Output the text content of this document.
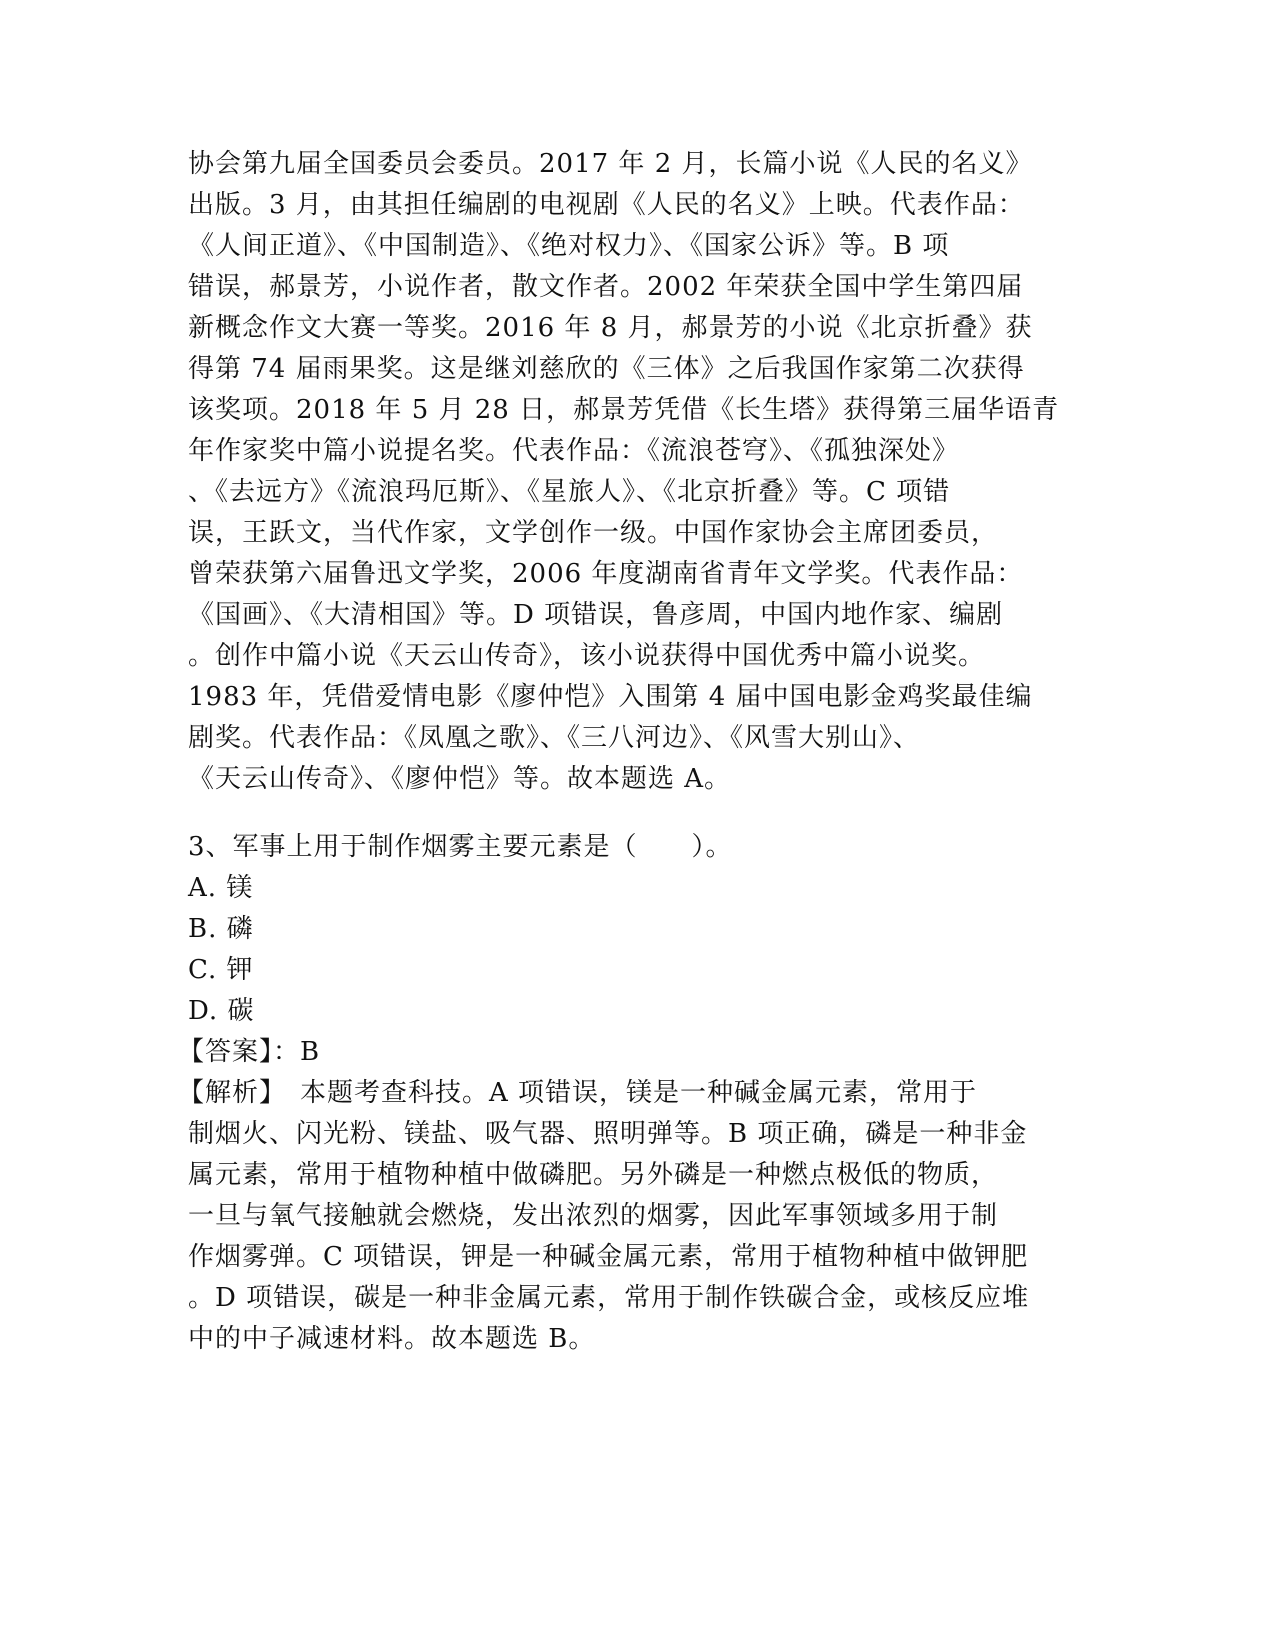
协会第九届全国委员会委员。2017 年 2 月，长篇小说《人民的名义》
出版。3 月，由其担任编剧的电视剧《人民的名义》上映。代表作品：
《人间正道》、《中国制造》、《绝对权力》、《国家公诉》等。B 项
错误，郝景芳，小说作者，散文作者。2002 年荣获全国中学生第四届
新概念作文大赛一等奖。2016 年 8 月，郝景芳的小说《北京折叠》获
得第 74 届雨果奖。这是继刘慈欣的《三体》之后我国作家第二次获得
该奖项。2018 年 5 月 28 日，郝景芳凭借《长生塔》获得第三届华语青
年作家奖中篇小说提名奖。代表作品：《流浪苍穹》、《孤独深处》
、《去远方》《流浪玛厄斯》、《星旅人》、《北京折叠》等。C 项错
误，王跃文，当代作家，文学创作一级。中国作家协会主席团委员，
曾荣获第六届鲁迅文学奖，2006 年度湖南省青年文学奖。代表作品：
《国画》、《大清相国》等。D 项错误，鲁彦周，中国内地作家、编剧
。创作中篇小说《天云山传奇》，该小说获得中国优秀中篇小说奖。
1983 年，凭借爱情电影《廖仲恺》入围第 4 届中国电影金鸡奖最佳编
剧奖。代表作品：《凤凰之歌》、《三八河边》、《风雪大别山》、
《天云山传奇》、《廖仲恺》等。故本题选 A。
3、军事上用于制作烟雾主要元素是（　　）。
A. 镁
B. 磷
C. 钾
D. 碳
【答案】：B
【解析】　本题考查科技。A 项错误，镁是一种碱金属元素，常用于
制烟火、闪光粉、镁盐、吸气器、照明弹等。B 项正确，磷是一种非金
属元素，常用于植物种植中做磷肥。另外磷是一种燃点极低的物质，
一旦与氧气接触就会燃烧，发出浓烈的烟雾，因此军事领域多用于制
作烟雾弹。C 项错误，钾是一种碱金属元素，常用于植物种植中做钾肥
。D 项错误，碳是一种非金属元素，常用于制作铁碳合金，或核反应堆
中的中子减速材料。故本题选 B。
